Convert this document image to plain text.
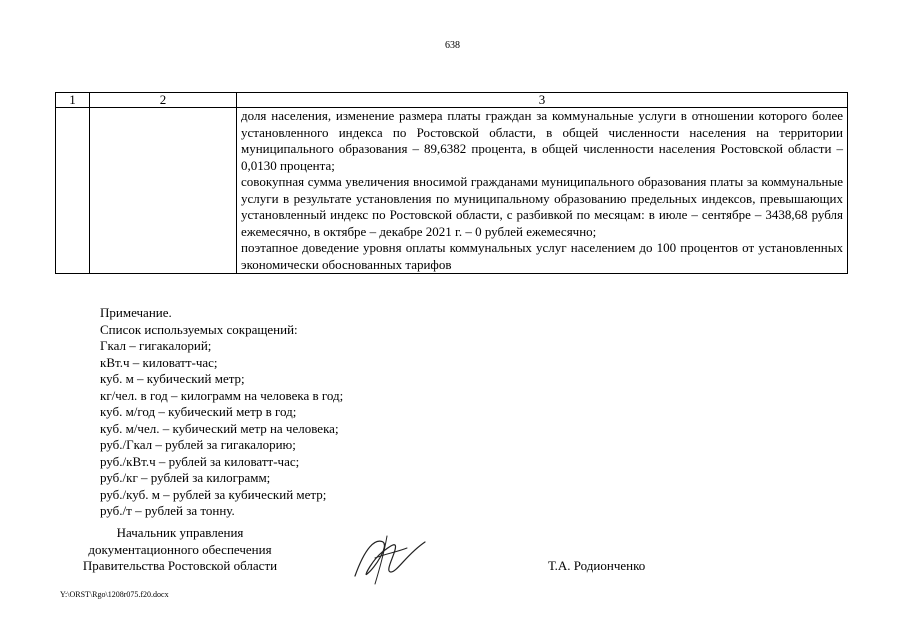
638
1	2	3

		доля населения, изменение размера платы граждан за коммунальные услуги в отношении которого более установленного индекса по Ростовской области, в общей численности населения на территории муниципального образования – 89,6382 процента, в общей численности населения Ростовской области – 0,0130 процента;

совокупная сумма увеличения вносимой гражданами муниципального образования платы за коммунальные услуги в результате установления по муниципальному образованию предельных индексов, превышающих установленный индекс по Ростовской области, с разбивкой по месяцам: в июле – сентябре – 3438,68 рубля ежемесячно, в октябре – декабре 2021 г. – 0 рублей ежемесячно;

поэтапное доведение уровня оплаты коммунальных услуг населением до 100 процентов от установленных экономически обоснованных тарифов

Примечание.
Список используемых сокращений:
Гкал – гигакалорий;
кВт.ч – киловатт-час;
куб. м – кубический метр;
кг/чел. в год – килограмм на человека в год;
куб. м/год – кубический метр в год;
куб. м/чел. – кубический метр на человека;
руб./Гкал – рублей за гигакалорию;
руб./кВт.ч – рублей за киловатт-час;
руб./кг – рублей за килограмм;
руб./куб. м – рублей за кубический метр;
руб./т – рублей за тонну.
Начальник управления
документационного обеспечения
Правительства Ростовской области	Т.А. Родионченко
Y:\ORST\Rgo\1208r075.f20.docx
